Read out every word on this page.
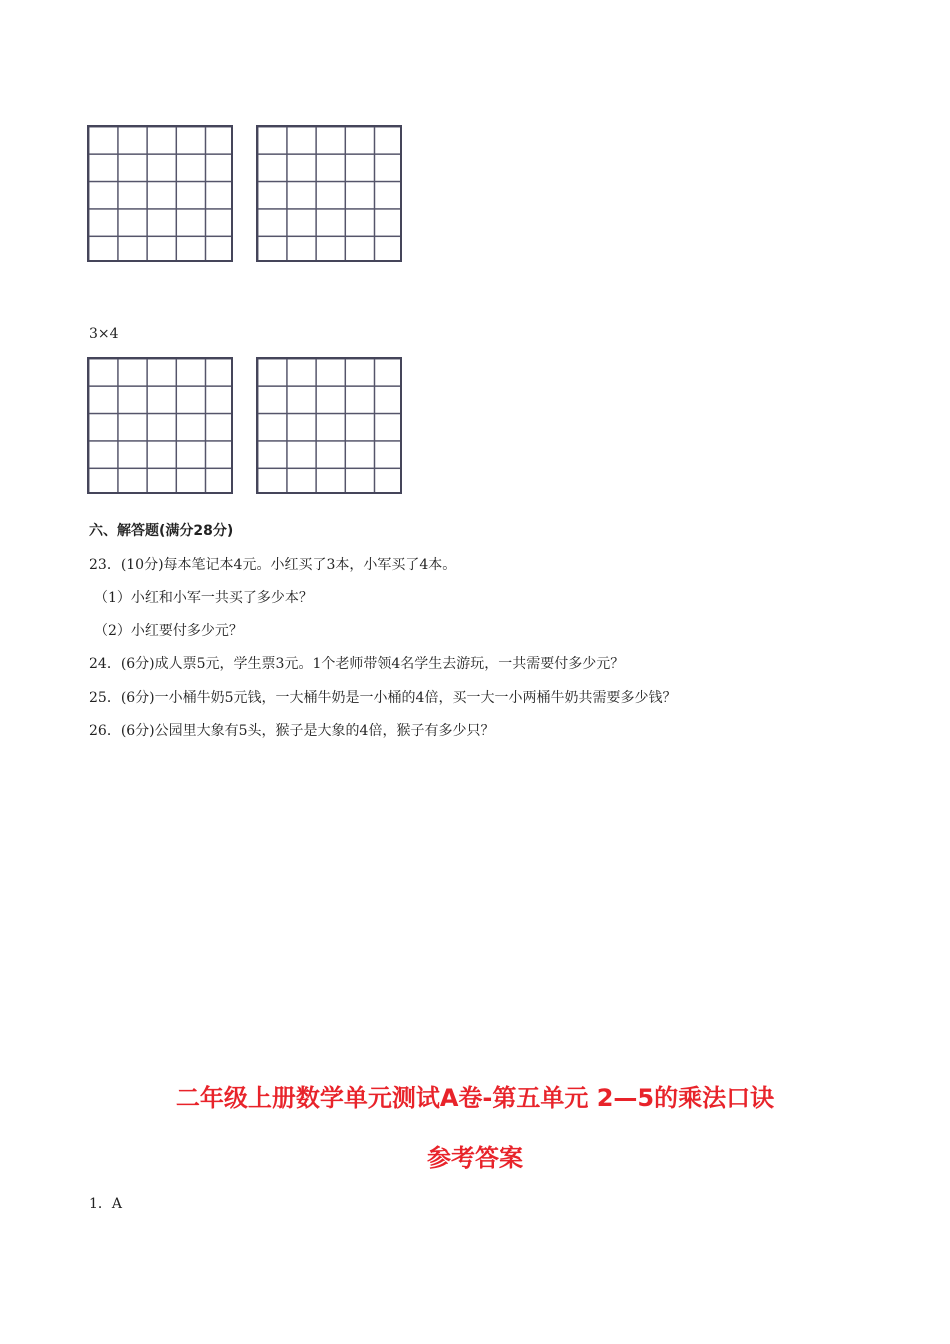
3×4
六、解答题(满分28分)
23．(10分)每本笔记本4元。小红买了3本，小军买了4本。
（1）小红和小军一共买了多少本？
（2）小红要付多少元？
24．(6分)成人票5元，学生票3元。1个老师带领4名学生去游玩，一共需要付多少元？
25．(6分)一小桶牛奶5元钱，一大桶牛奶是一小桶的4倍，买一大一小两桶牛奶共需要多少钱？
26．(6分)公园里大象有5头，猴子是大象的4倍，猴子有多少只？
二年级上册数学单元测试A卷-第五单元 2—5的乘法口诀
参考答案
1．A
